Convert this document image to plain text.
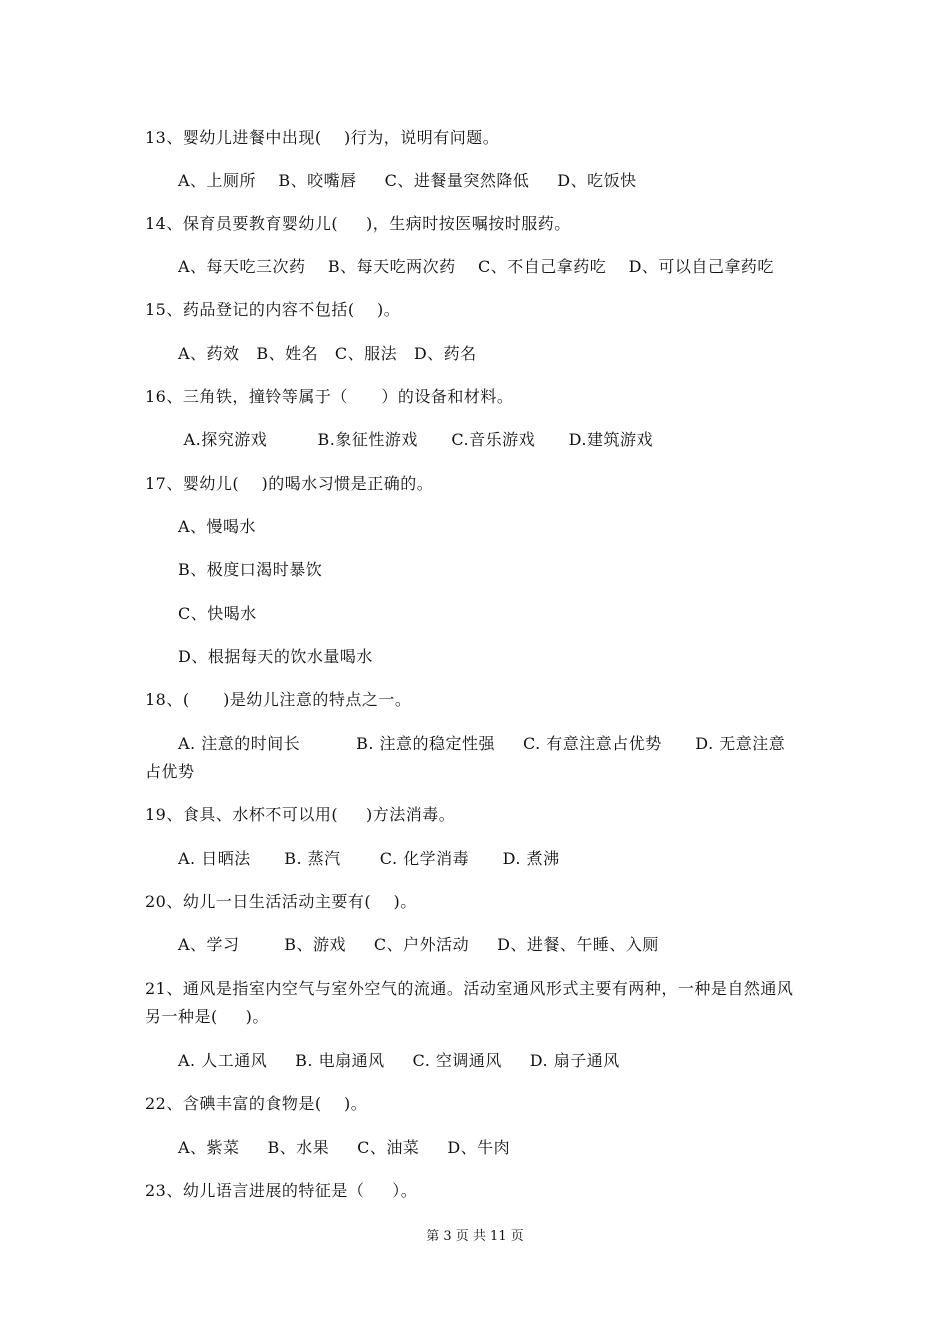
13、婴幼儿进餐中出现(    )行为，说明有问题。
A、上厕所    B、咬嘴唇     C、进餐量突然降低     D、吃饭快
14、保育员要教育婴幼儿(     )，生病时按医嘱按时服药。
A、每天吃三次药    B、每天吃两次药    C、不自己拿药吃    D、可以自己拿药吃
15、药品登记的内容不包括(    )。
A、药效   B、姓名   C、服法   D、药名
16、三角铁，撞铃等属于（      ）的设备和材料。
A.探究游戏         B.象征性游戏      C.音乐游戏      D.建筑游戏
17、婴幼儿(    )的喝水习惯是正确的。
A、慢喝水
B、极度口渴时暴饮
C、快喝水
D、根据每天的饮水量喝水
18、(      )是幼儿注意的特点之一。
A. 注意的时间长          B. 注意的稳定性强     C. 有意注意占优势      D. 无意注意
占优势
19、食具、水杯不可以用(     )方法消毒。
A. 日晒法      B. 蒸汽       C. 化学消毒      D. 煮沸
20、幼儿一日生活活动主要有(    )。
A、学习        B、游戏     C、户外活动     D、进餐、午睡、入厕
21、通风是指室内空气与室外空气的流通。活动室通风形式主要有两种，一种是自然通风
另一种是(     )。
A. 人工通风     B. 电扇通风     C. 空调通风     D. 扇子通风
22、含碘丰富的食物是(    )。
A、紫菜     B、水果     C、油菜     D、牛肉
23、幼儿语言进展的特征是（     ）。
第 3 页 共 11 页
